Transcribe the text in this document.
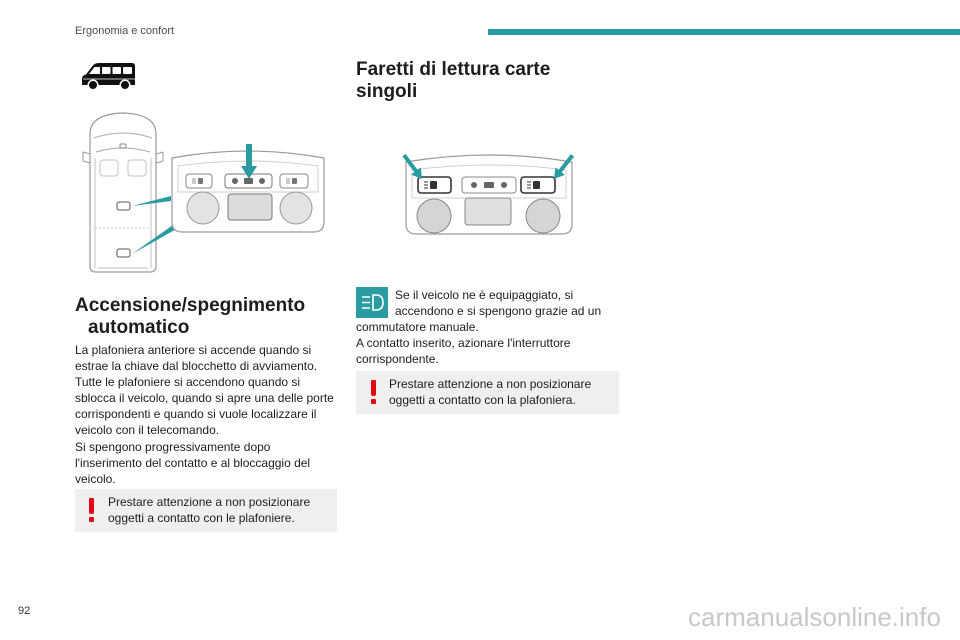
Ergonomia e confort
Accensione/spegnimento automatico
La plafoniera anteriore si accende quando si
estrae la chiave dal blocchetto di avviamento.
Tutte le plafoniere si accendono quando si
sblocca il veicolo, quando si apre una delle porte
corrispondenti e quando si vuole localizzare il
veicolo con il telecomando.
Si spengono progressivamente dopo
l'inserimento del contatto e al bloccaggio del
veicolo.
Prestare attenzione a non posizionare
oggetti a contatto con le plafoniere.
Faretti di lettura carte singoli
Se il veicolo ne è equipaggiato, si
accendono e si spengono grazie ad un
commutatore manuale.
A contatto inserito, azionare l'interruttore
corrispondente.
Prestare attenzione a non posizionare
oggetti a contatto con la plafoniera.
92	carmanualsonline.info
